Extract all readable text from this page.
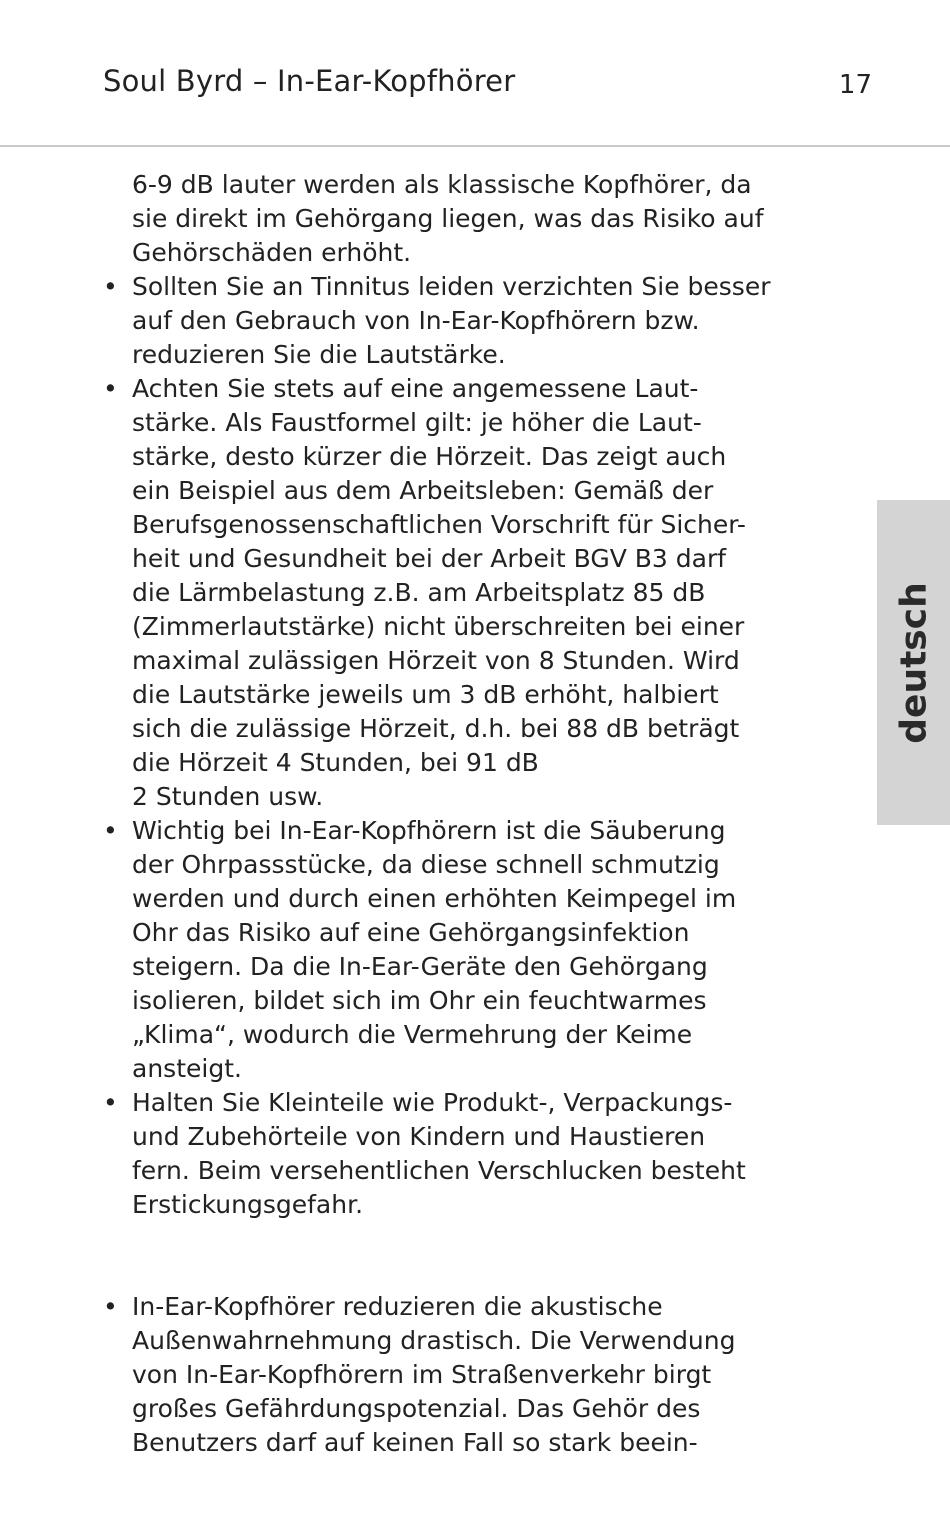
Soul Byrd – In-Ear-Kopfhörer	17
deutsch
6-9 dB lauter werden als klassische Kopfhörer, da
sie direkt im Gehörgang liegen, was das Risiko auf
Gehörschäden erhöht.
• Sollten Sie an Tinnitus leiden verzichten Sie besser
auf den Gebrauch von In-Ear-Kopfhörern bzw.
reduzieren Sie die Lautstärke.
• Achten Sie stets auf eine angemessene Laut-
stärke. Als Faustformel gilt: je höher die Laut-
stärke, desto kürzer die Hörzeit. Das zeigt auch
ein Beispiel aus dem Arbeitsleben: Gemäß der
Berufsgenossenschaftlichen Vorschrift für Sicher-
heit und Gesundheit bei der Arbeit BGV B3 darf
die Lärmbelastung z.B. am Arbeitsplatz 85 dB
(Zimmerlautstärke) nicht überschreiten bei einer
maximal zulässigen Hörzeit von 8 Stunden. Wird
die Lautstärke jeweils um 3 dB erhöht, halbiert
sich die zulässige Hörzeit, d.h. bei 88 dB beträgt
die Hörzeit 4 Stunden, bei 91 dB
2 Stunden usw.
• Wichtig bei In-Ear-Kopfhörern ist die Säuberung
der Ohrpassstücke, da diese schnell schmutzig
werden und durch einen erhöhten Keimpegel im
Ohr das Risiko auf eine Gehörgangsinfektion
steigern. Da die In-Ear-Geräte den Gehörgang
isolieren, bildet sich im Ohr ein feuchtwarmes
„Klima“, wodurch die Vermehrung der Keime
ansteigt.
• Halten Sie Kleinteile wie Produkt-, Verpackungs-
und Zubehörteile von Kindern und Haustieren
fern. Beim versehentlichen Verschlucken besteht
Erstickungsgefahr.
• In-Ear-Kopfhörer reduzieren die akustische
Außenwahrnehmung drastisch. Die Verwendung
von In-Ear-Kopfhörern im Straßenverkehr birgt
großes Gefährdungspotenzial. Das Gehör des
Benutzers darf auf keinen Fall so stark beein-
